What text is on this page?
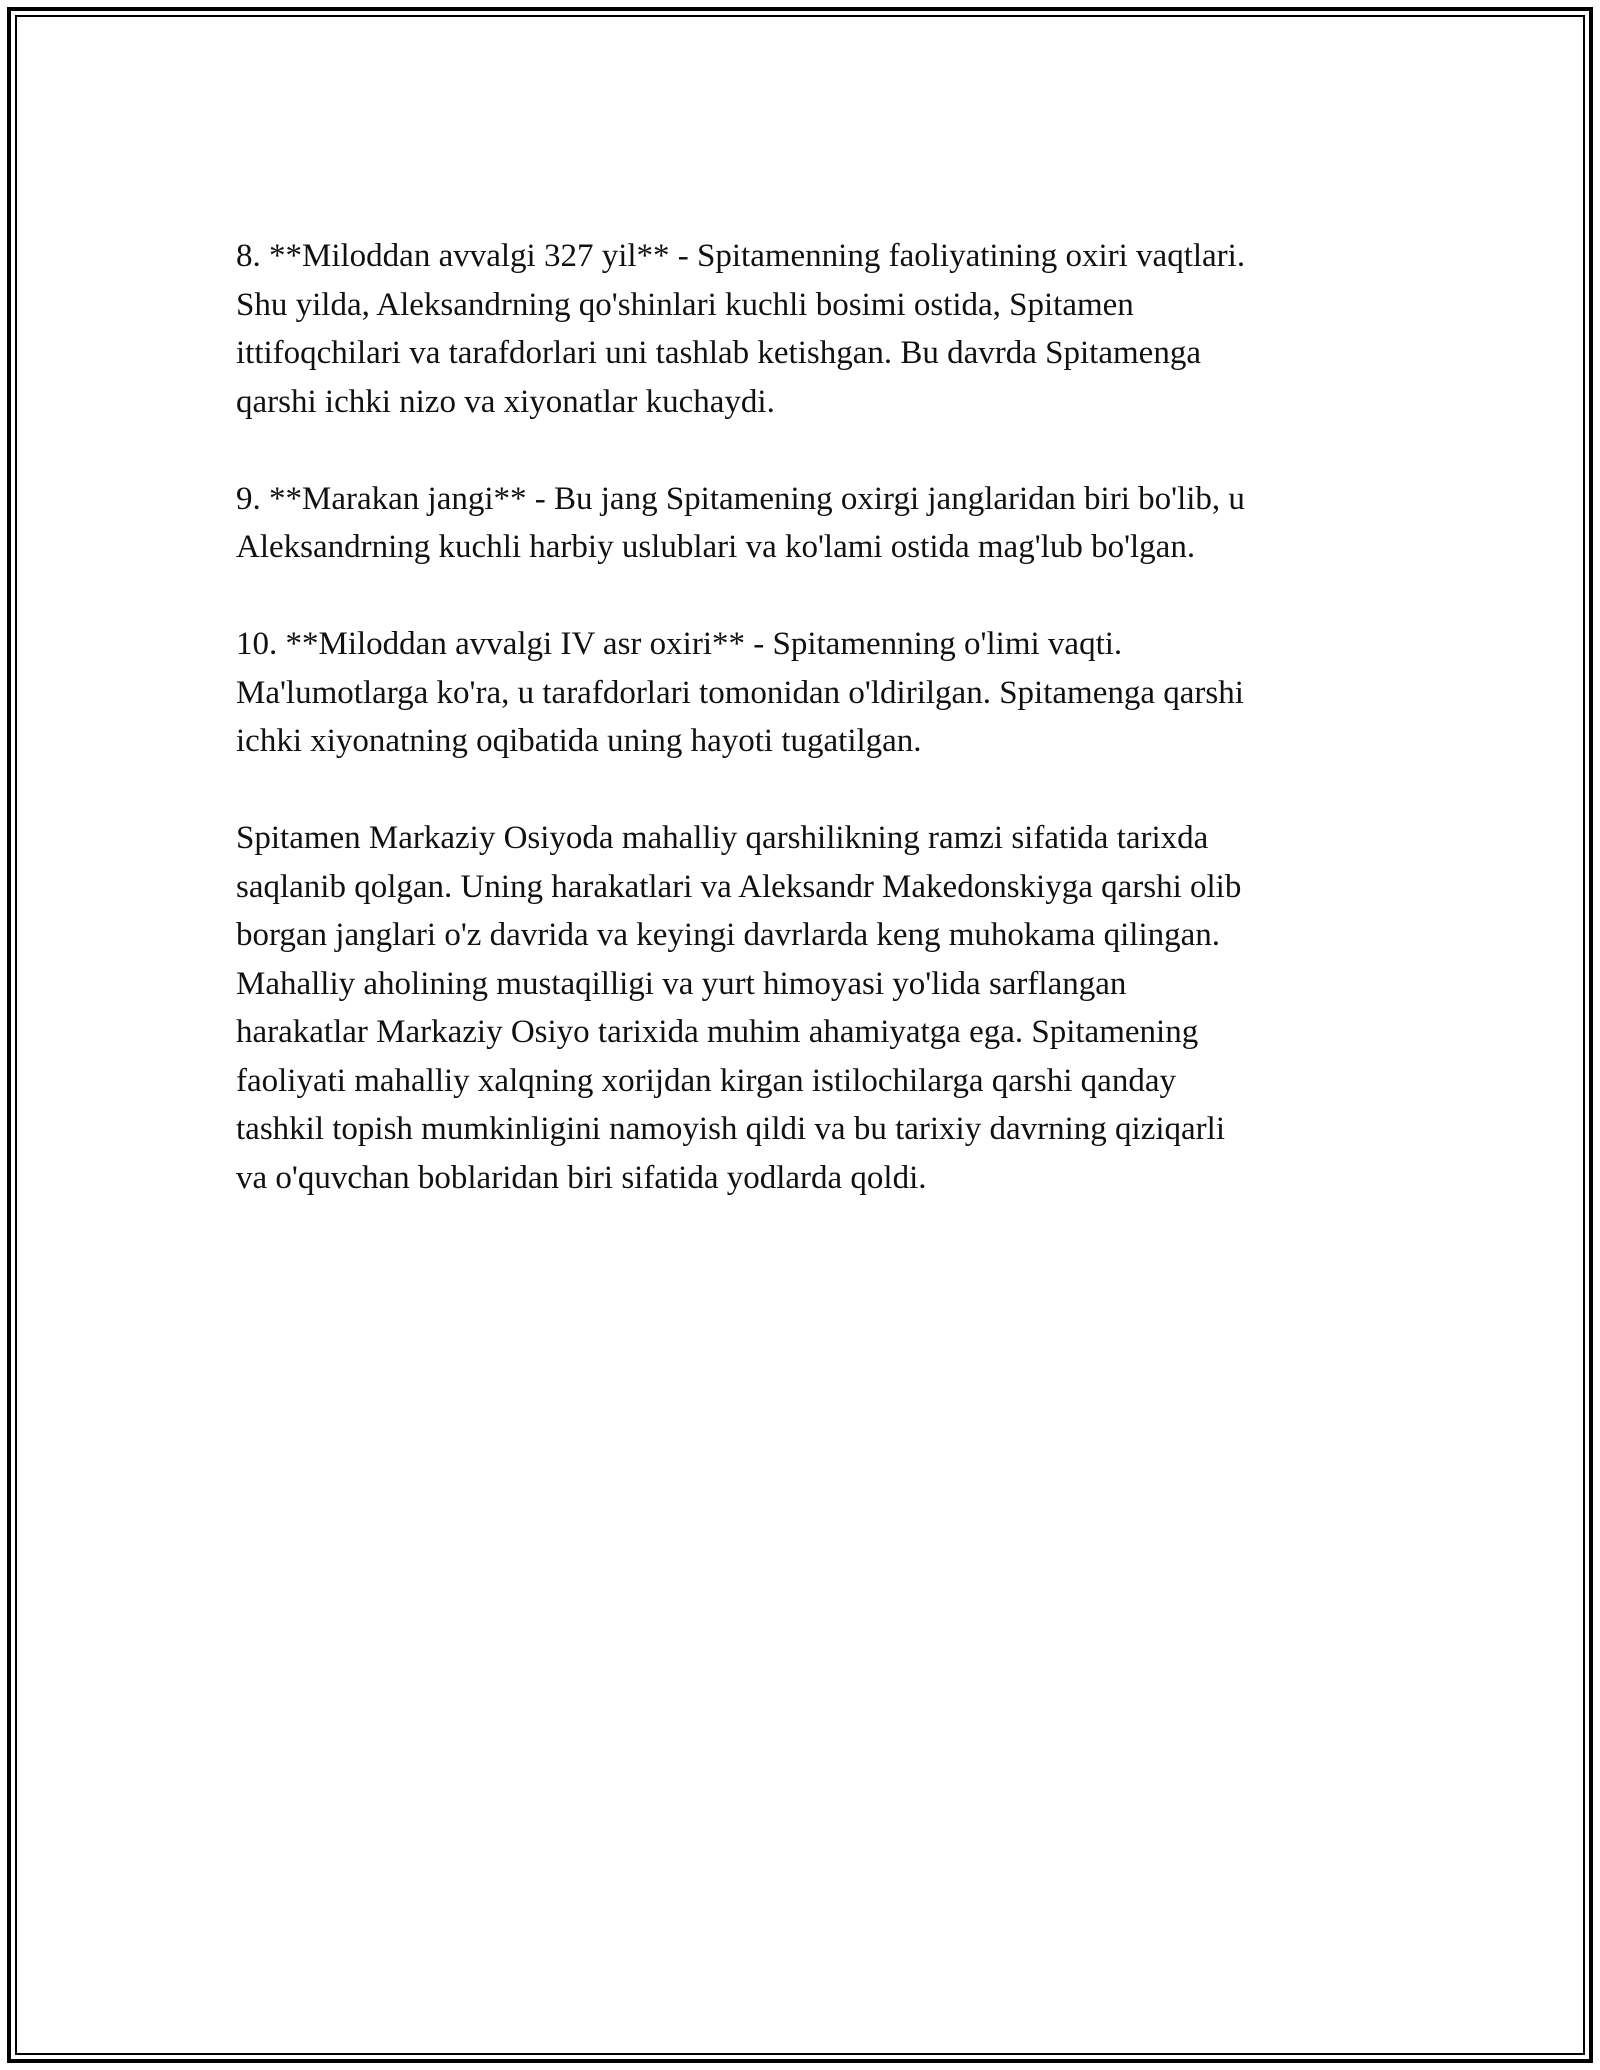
8. **Miloddan avvalgi 327 yil** - Spitamenning faoliyatining oxiri vaqtlari.
Shu yilda, Aleksandrning qo'shinlari kuchli bosimi ostida, Spitamen
ittifoqchilari va tarafdorlari uni tashlab ketishgan. Bu davrda Spitamenga
qarshi ichki nizo va xiyonatlar kuchaydi.

9. **Marakan jangi** - Bu jang Spitamening oxirgi janglaridan biri bo'lib, u
Aleksandrning kuchli harbiy uslublari va ko'lami ostida mag'lub bo'lgan.

10. **Miloddan avvalgi IV asr oxiri** - Spitamenning o'limi vaqti.
Ma'lumotlarga ko'ra, u tarafdorlari tomonidan o'ldirilgan. Spitamenga qarshi
ichki xiyonatning oqibatida uning hayoti tugatilgan.

Spitamen Markaziy Osiyoda mahalliy qarshilikning ramzi sifatida tarixda
saqlanib qolgan. Uning harakatlari va Aleksandr Makedonskiyga qarshi olib
borgan janglari o'z davrida va keyingi davrlarda keng muhokama qilingan.
Mahalliy aholining mustaqilligi va yurt himoyasi yo'lida sarflangan
harakatlar Markaziy Osiyo tarixida muhim ahamiyatga ega. Spitamening
faoliyati mahalliy xalqning xorijdan kirgan istilochilarga qarshi qanday
tashkil topish mumkinligini namoyish qildi va bu tarixiy davrning qiziqarli
va o'quvchan boblaridan biri sifatida yodlarda qoldi.
